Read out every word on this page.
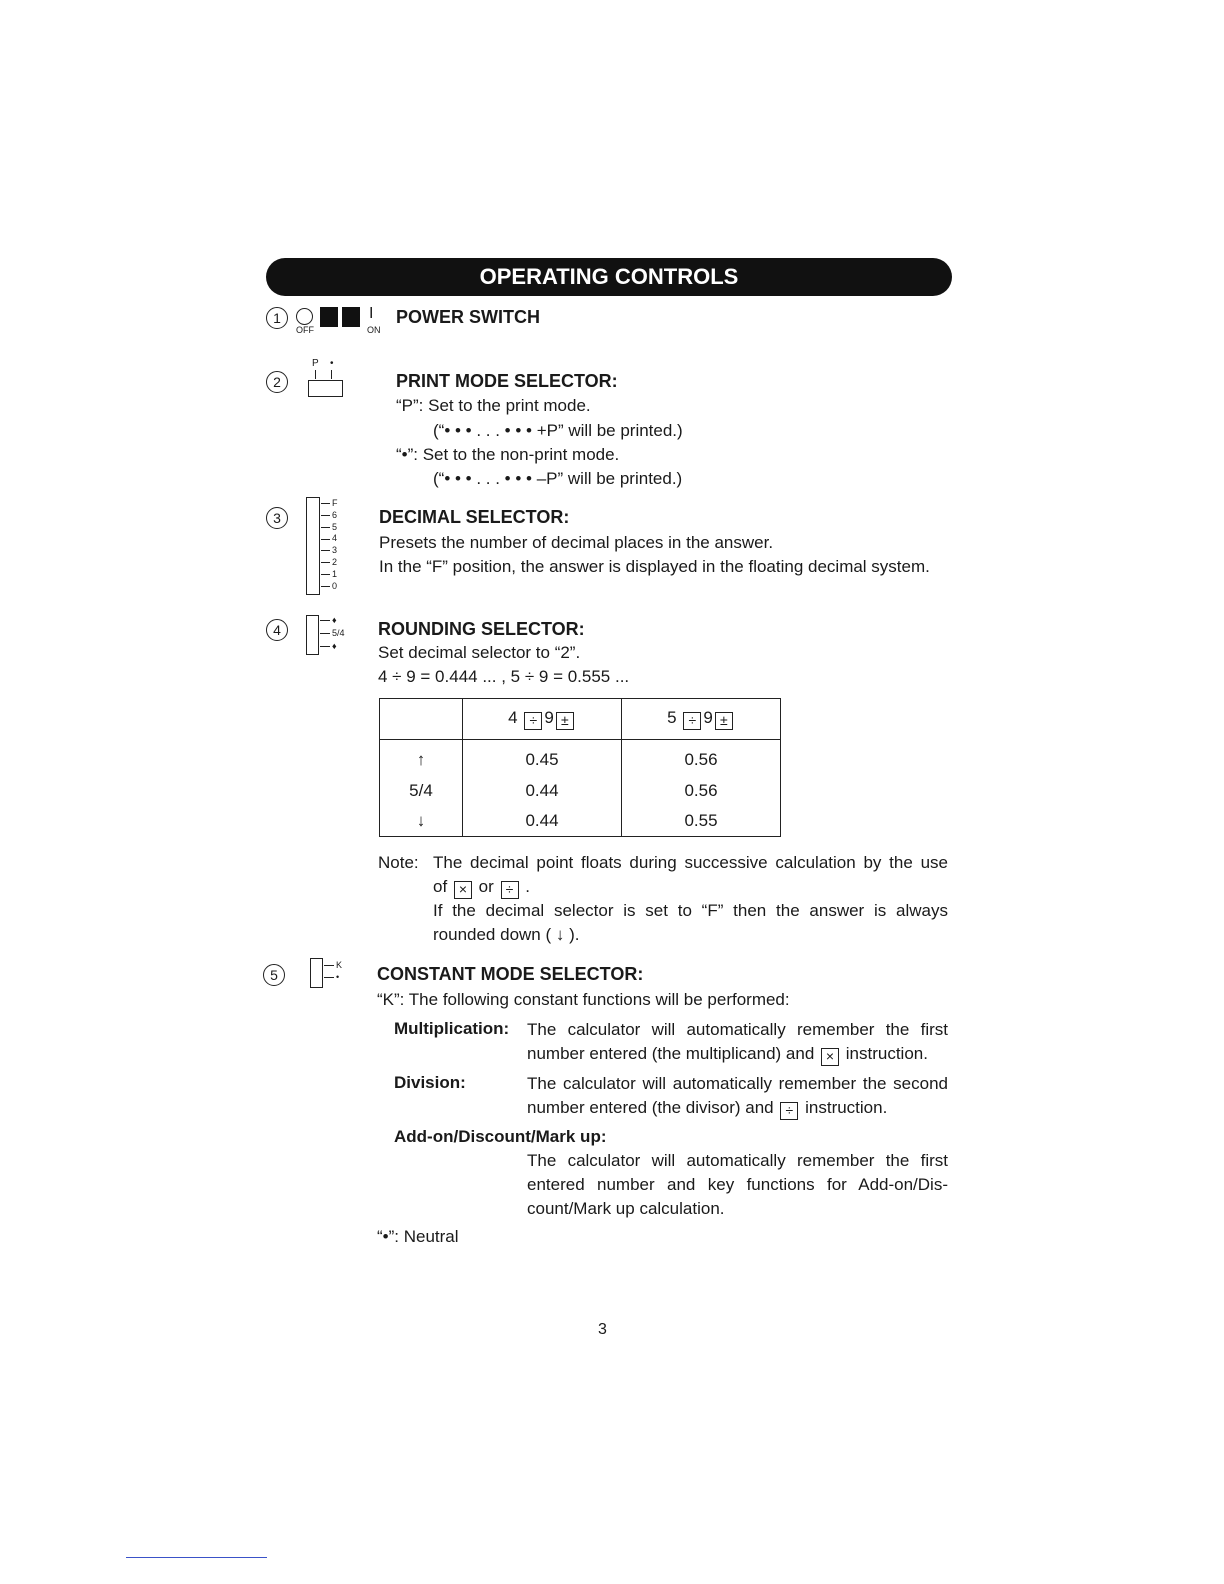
OPERATING CONTROLS
1
OFF
I
ON
POWER SWITCH
2
P •
PRINT MODE SELECTOR:
“P”: Set to the print mode.
(“• • • . . . • • • +P” will be printed.)
“•”: Set to the non-print mode.
(“• • • . . . • • • –P” will be printed.)
3
F
6
5
4
3
2
1
0
DECIMAL SELECTOR:
Presets the number of decimal places in the answer.
In the “F” position, the answer is displayed in the floating decimal system.
4
♦
5/4
♦
ROUNDING SELECTOR:
Set decimal selector to “2”.
4 ÷ 9 = 0.444 ... , 5 ÷ 9 = 0.555 ...
	4 ÷ 9 ±	5 ÷ 9 ±
↑	0.45	0.56
5/4	0.44	0.56
↓	0.44	0.55
Note: The decimal point floats during successive calculation by the use
of × or ÷ .
If the decimal selector is set to “F” then the answer is always
rounded down ( ↓ ).
5
K
• CONSTANT MODE SELECTOR:
“K”: The following constant functions will be performed:
Multiplication: The calculator will automatically remember the first
number entered (the multiplicand) and × instruction.
Division:	The calculator will automatically remember the second
number entered (the divisor) and ÷ instruction.
Add-on/Discount/Mark up:
The calculator will automatically remember the first
entered number and key functions for Add-on/Dis-
count/Mark up calculation.
“•”: Neutral
3
